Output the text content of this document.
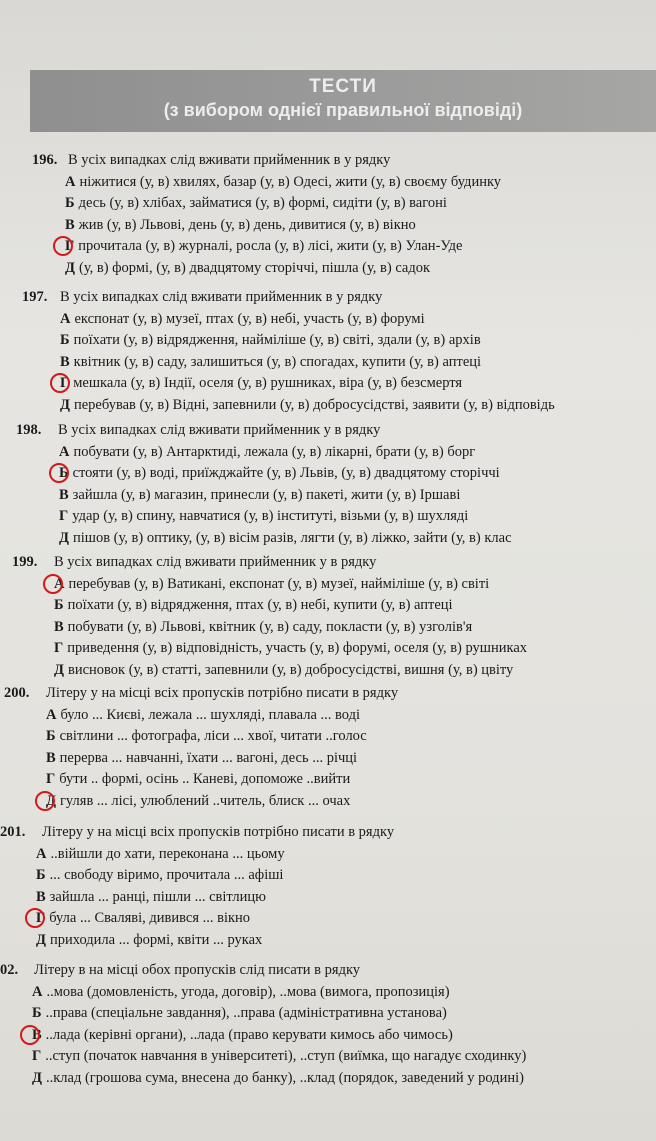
ТЕСТИ
(з вибором однієї правильної відповіді)
196. В усіх випадках слід вживати прийменник в у рядку
А ніжитися (у, в) хвилях, базар (у, в) Одесі, жити (у, в) своєму будинку
Б десь (у, в) хлібах, займатися (у, в) формі, сидіти (у, в) вагоні
В жив (у, в) Львові, день (у, в) день, дивитися (у, в) вікно
Г прочитала (у, в) журналі, росла (у, в) лісі, жити (у, в) Улан-Уде
Д (у, в) формі, (у, в) двадцятому сторіччі, пішла (у, в) садок
197. В усіх випадках слід вживати прийменник в у рядку
А експонат (у, в) музеї, птах (у, в) небі, участь (у, в) форумі
Б поїхати (у, в) відрядження, найміліше (у, в) світі, здали (у, в) архів
В квітник (у, в) саду, залишиться (у, в) спогадах, купити (у, в) аптеці
Г мешкала (у, в) Індії, оселя (у, в) рушниках, віра (у, в) безсмертя
Д перебував (у, в) Відні, запевнили (у, в) добросусідстві, заявити (у, в) відповідь
198. В усіх випадках слід вживати прийменник у в рядку
А побувати (у, в) Антарктиді, лежала (у, в) лікарні, брати (у, в) борг
Б стояти (у, в) воді, приїжджайте (у, в) Львів, (у, в) двадцятому сторіччі
В зайшла (у, в) магазин, принесли (у, в) пакеті, жити (у, в) Іршаві
Г удар (у, в) спину, навчатися (у, в) інституті, візьми (у, в) шухляді
Д пішов (у, в) оптику, (у, в) вісім разів, лягти (у, в) ліжко, зайти (у, в) клас
199. В усіх випадках слід вживати прийменник у в рядку
А перебував (у, в) Ватикані, експонат (у, в) музеї, найміліше (у, в) світі
Б поїхати (у, в) відрядження, птах (у, в) небі, купити (у, в) аптеці
В побувати (у, в) Львові, квітник (у, в) саду, покласти (у, в) узголів'я
Г приведення (у, в) відповідність, участь (у, в) форумі, оселя (у, в) рушниках
Д висновок (у, в) статті, запевнили (у, в) добросусідстві, вишня (у, в) цвіту
200. Літеру у на місці всіх пропусків потрібно писати в рядку
А було ... Києві, лежала ... шухляді, плавала ... воді
Б світлини ... фотографа, ліси ... хвої, читати ..голос
В перерва ... навчанні, їхати ... вагоні, десь ... річці
Г бути .. формі, осінь .. Каневі, допоможе ..вийти
Д гуляв ... лісі, улюблений ..читель, блиск ... очах
201. Літеру у на місці всіх пропусків потрібно писати в рядку
А ..війшли до хати, переконана ... цьому
Б ... свободу віримо, прочитала ... афіші
В зайшла ... ранці, пішли ... світлицю
Г була ... Сваляві, дивився ... вікно
Д приходила ... формі, квіти ... руках
02. Літеру в на місці обох пропусків слід писати в рядку
А ..мова (домовленість, угода, договір), ..мова (вимога, пропозиція)
Б ..права (спеціальне завдання), ..права (адміністративна установа)
В ..лада (керівні органи), ..лада (право керувати кимось або чимось)
Г ..ступ (початок навчання в університеті), ..ступ (виїмка, що нагадує сходинку)
Д ..клад (грошова сума, внесена до банку), ..клад (порядок, заведений у родині)
